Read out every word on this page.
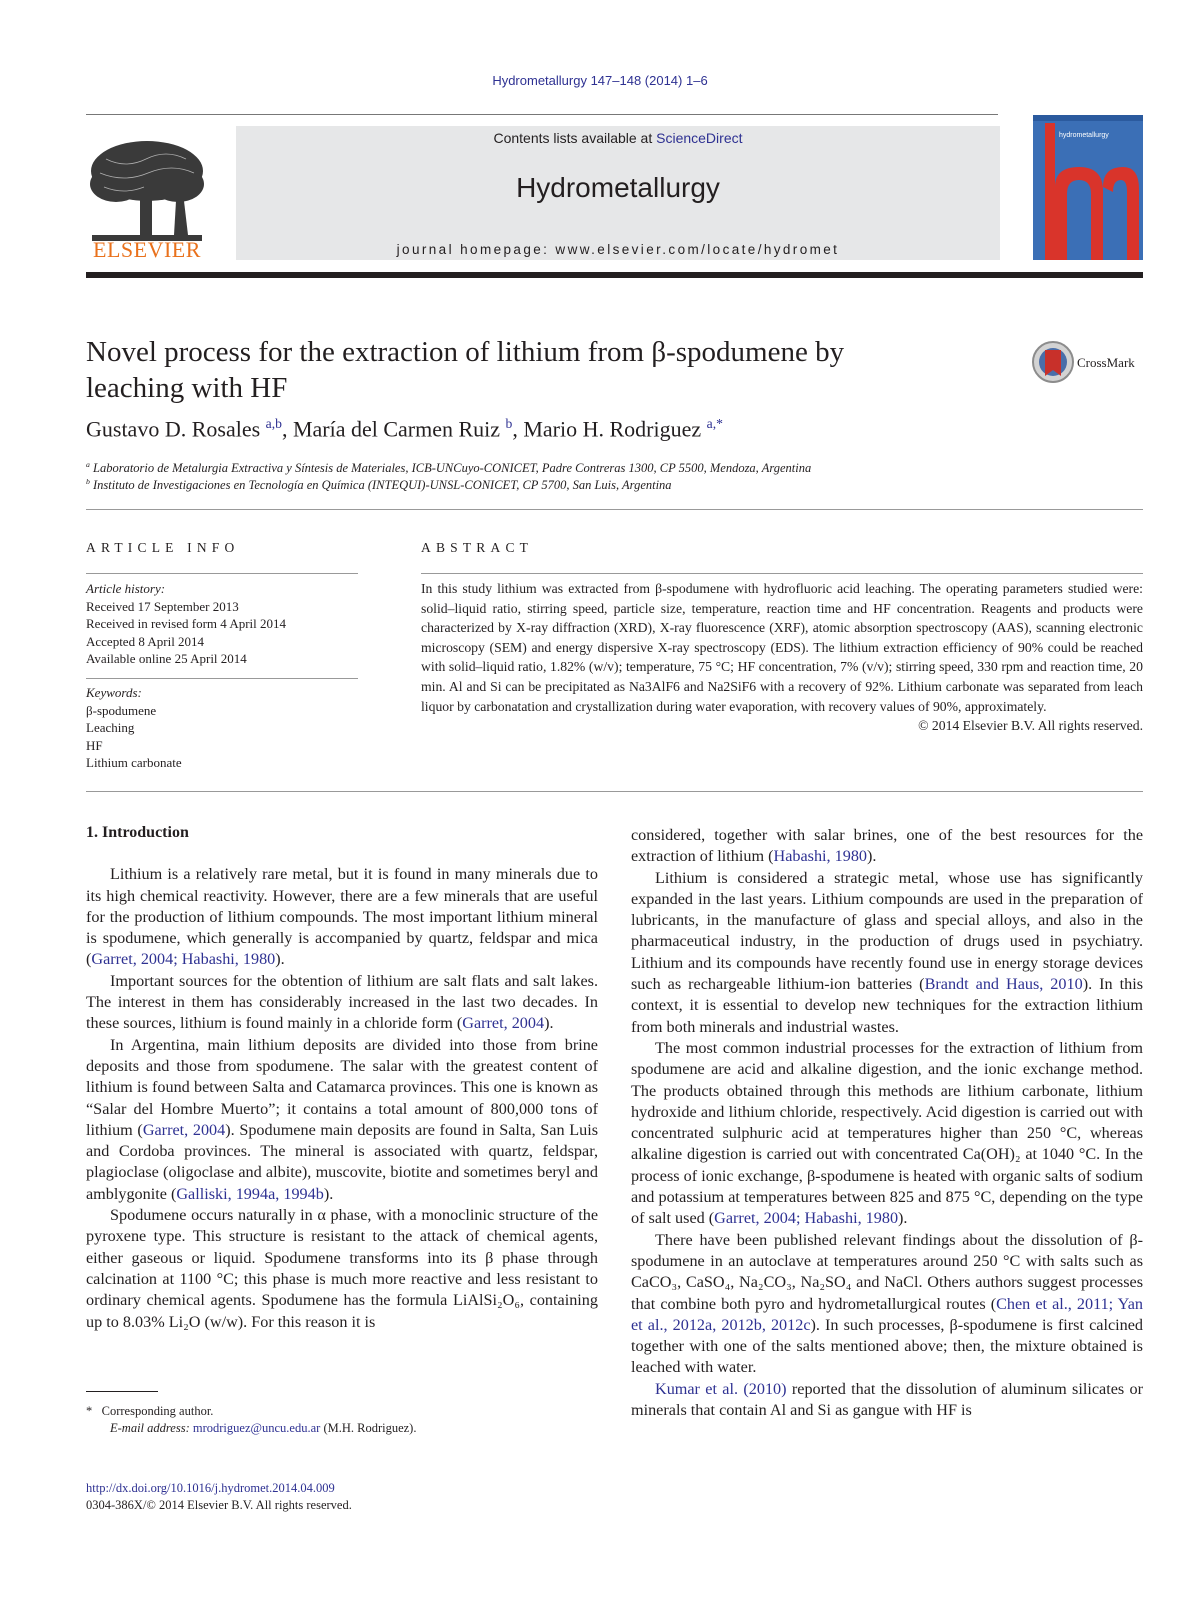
Hydrometallurgy 147–148 (2014) 1–6
ELSEVIER
Contents lists available at ScienceDirect
Hydrometallurgy
journal homepage: www.elsevier.com/locate/hydromet
hydrometallurgy
Novel process for the extraction of lithium from β-spodumene by leaching with HF
CrossMark
Gustavo D. Rosales $^{a,b}$, María del Carmen Ruiz $^b$, Mario H. Rodriguez $^{a,*}$
$^a$ Laboratorio de Metalurgia Extractiva y Síntesis de Materiales, ICB-UNCuyo-CONICET, Padre Contreras 1300, CP 5500, Mendoza, Argentina
$^b$ Instituto de Investigaciones en Tecnología en Química (INTEQUI)-UNSL-CONICET, CP 5700, San Luis, Argentina
ARTICLE INFO	ABSTRACT
Article history:
Received 17 September 2013
Received in revised form 4 April 2014
Accepted 8 April 2014
Available online 25 April 2014
Keywords:
β-spodumene
Leaching
HF
Lithium carbonate
In this study lithium was extracted from β-spodumene with hydrofluoric acid leaching. The operating parameters studied were: solid–liquid ratio, stirring speed, particle size, temperature, reaction time and HF concentration. Reagents and products were characterized by X-ray diffraction (XRD), X-ray fluorescence (XRF), atomic absorption spectroscopy (AAS), scanning electronic microscopy (SEM) and energy dispersive X-ray spectroscopy (EDS). The lithium extraction efficiency of 90% could be reached with solid–liquid ratio, 1.82% (w/v); temperature, 75 °C; HF concentration, 7% (v/v); stirring speed, 330 rpm and reaction time, 20 min. Al and Si can be precipitated as Na3AlF6 and Na2SiF6 with a recovery of 92%. Lithium carbonate was separated from leach liquor by carbonatation and crystallization during water evaporation, with recovery values of 90%, approximately.
© 2014 Elsevier B.V. All rights reserved.
1. Introduction

Lithium is a relatively rare metal, but it is found in many minerals due to its high chemical reactivity. However, there are a few minerals that are useful for the production of lithium compounds. The most important lithium mineral is spodumene, which generally is accompanied by quartz, feldspar and mica (Garret, 2004; Habashi, 1980).

Important sources for the obtention of lithium are salt flats and salt lakes. The interest in them has considerably increased in the last two decades. In these sources, lithium is found mainly in a chloride form (Garret, 2004).

In Argentina, main lithium deposits are divided into those from brine deposits and those from spodumene. The salar with the greatest content of lithium is found between Salta and Catamarca provinces. This one is known as “Salar del Hombre Muerto”; it contains a total amount of 800,000 tons of lithium (Garret, 2004). Spodumene main deposits are found in Salta, San Luis and Cordoba provinces. The mineral is associated with quartz, feldspar, plagioclase (oligoclase and albite), muscovite, biotite and sometimes beryl and amblygonite (Galliski, 1994a, 1994b).

Spodumene occurs naturally in α phase, with a monoclinic structure of the pyroxene type. This structure is resistant to the attack of chemical agents, either gaseous or liquid. Spodumene transforms into its β phase through calcination at 1100 °C; this phase is much more reactive and less resistant to ordinary chemical agents. Spodumene has the formula LiAlSi₂O₆, containing up to 8.03% Li₂O (w/w). For this reason it is

considered, together with salar brines, one of the best resources for the extraction of lithium (Habashi, 1980).

Lithium is considered a strategic metal, whose use has significantly expanded in the last years. Lithium compounds are used in the preparation of lubricants, in the manufacture of glass and special alloys, and also in the pharmaceutical industry, in the production of drugs used in psychiatry. Lithium and its compounds have recently found use in energy storage devices such as rechargeable lithium-ion batteries (Brandt and Haus, 2010). In this context, it is essential to develop new techniques for the extraction lithium from both minerals and industrial wastes.

The most common industrial processes for the extraction of lithium from spodumene are acid and alkaline digestion, and the ionic exchange method. The products obtained through this methods are lithium carbonate, lithium hydroxide and lithium chloride, respectively. Acid digestion is carried out with concentrated sulphuric acid at temperatures higher than 250 °C, whereas alkaline digestion is carried out with concentrated Ca(OH)₂ at 1040 °C. In the process of ionic exchange, β-spodumene is heated with organic salts of sodium and potassium at temperatures between 825 and 875 °C, depending on the type of salt used (Garret, 2004; Habashi, 1980).

There have been published relevant findings about the dissolution of β-spodumene in an autoclave at temperatures around 250 °C with salts such as CaCO₃, CaSO₄, Na₂CO₃, Na₂SO₄ and NaCl. Others authors suggest processes that combine both pyro and hydrometallurgical routes (Chen et al., 2011; Yan et al., 2012a, 2012b, 2012c). In such processes, β-spodumene is first calcined together with one of the salts mentioned above; then, the mixture obtained is leached with water.

Kumar et al. (2010) reported that the dissolution of aluminum silicates or minerals that contain Al and Si as gangue with HF is

* Corresponding author.
E-mail address: mrodriguez@uncu.edu.ar (M.H. Rodriguez).
http://dx.doi.org/10.1016/j.hydromet.2014.04.009
0304-386X/© 2014 Elsevier B.V. All rights reserved.
